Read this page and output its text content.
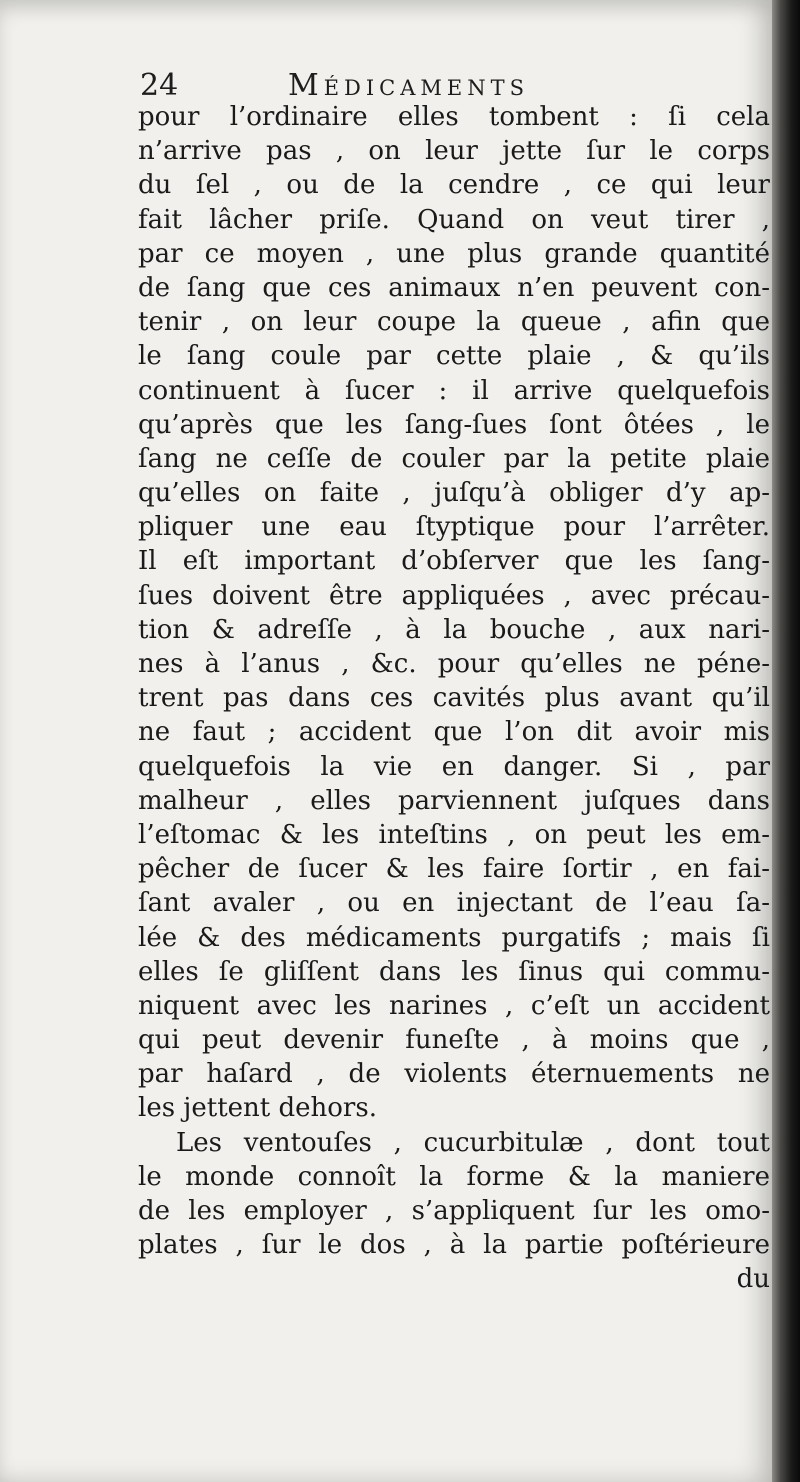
24	Médicaments
pour l’ordinaire elles tombent : ſi cela
n’arrive pas , on leur jette ſur le corps
du ſel , ou de la cendre , ce qui leur
fait lâcher priſe. Quand on veut tirer ,
par ce moyen , une plus grande quantité
de ſang que ces animaux n’en peuvent con-
tenir , on leur coupe la queue , afin que
le ſang coule par cette plaie , & qu’ils
continuent à ſucer : il arrive quelquefois
qu’après que les ſang-ſues ſont ôtées , le
ſang ne ceſſe de couler par la petite plaie
qu’elles on faite , juſqu’à obliger d’y ap-
pliquer une eau ſtyptique pour l’arrêter.
Il eſt important d’obſerver que les ſang-
ſues doivent être appliquées , avec précau-
tion & adreſſe , à la bouche , aux nari-
nes à l’anus , &c. pour qu’elles ne péne-
trent pas dans ces cavités plus avant qu’il
ne faut ; accident que l’on dit avoir mis
quelquefois la vie en danger. Si , par
malheur , elles parviennent juſques dans
l’eſtomac & les inteſtins , on peut les em-
pêcher de ſucer & les faire ſortir , en fai-
ſant avaler , ou en injectant de l’eau ſa-
lée & des médicaments purgatifs ; mais ſi
elles ſe gliſſent dans les ſinus qui commu-
niquent avec les narines , c’eſt un accident
qui peut devenir funeſte , à moins que ,
par haſard , de violents éternuements ne
les jettent dehors.
Les ventouſes , cucurbitulæ , dont tout
le monde connoît la forme & la maniere
de les employer , s’appliquent ſur les omo-
plates , ſur le dos , à la partie poſtérieure
du
